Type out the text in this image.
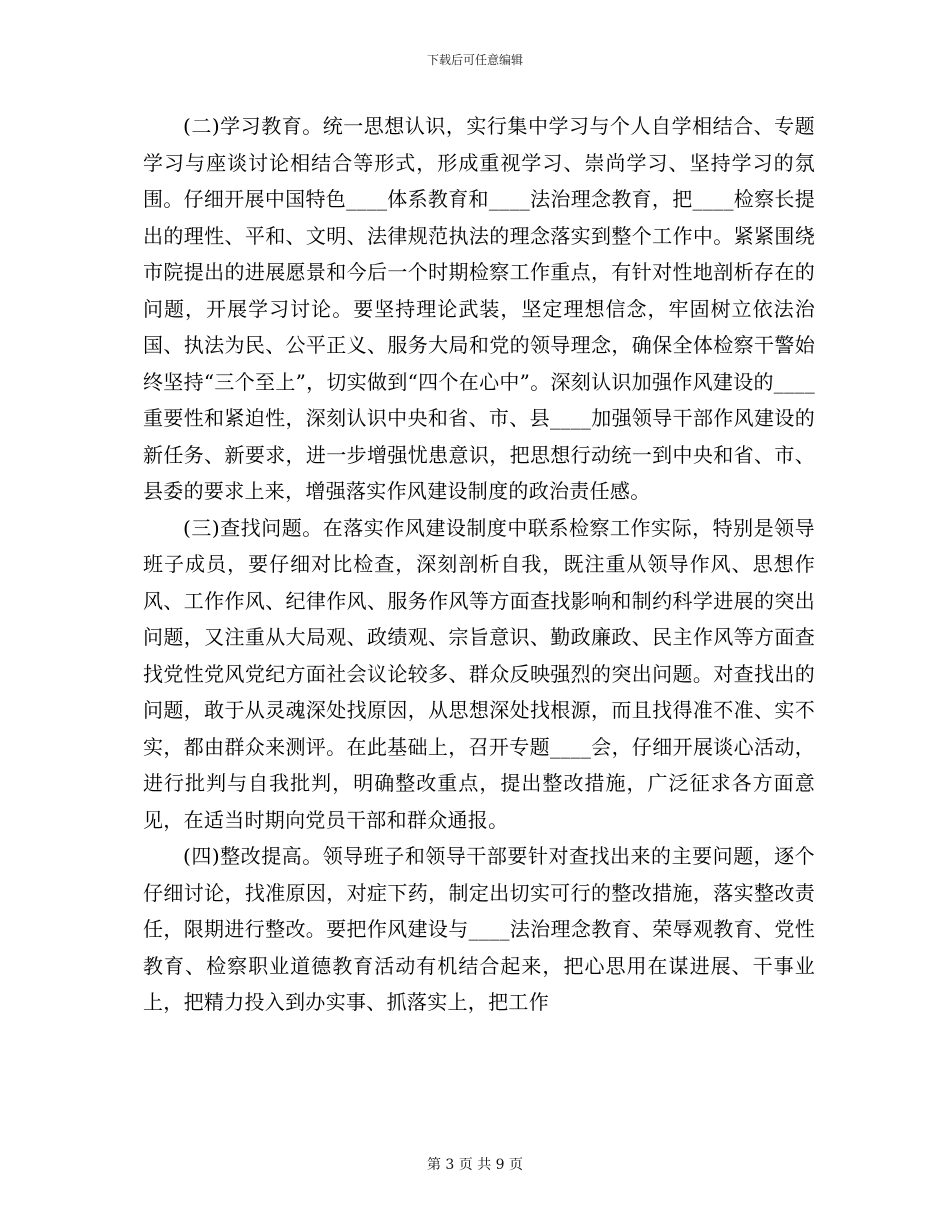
下载后可任意编辑

(二)学习教育。统一思想认识，实行集中学习与个人自学相结合、专题学习与座谈讨论相结合等形式，形成重视学习、崇尚学习、坚持学习的氛围。仔细开展中国特色____体系教育和____法治理念教育，把____检察长提出的理性、平和、文明、法律规范执法的理念落实到整个工作中。紧紧围绕市院提出的进展愿景和今后一个时期检察工作重点，有针对性地剖析存在的问题，开展学习讨论。要坚持理论武装，坚定理想信念，牢固树立依法治国、执法为民、公平正义、服务大局和党的领导理念，确保全体检察干警始终坚持“三个至上”，切实做到“四个在心中”。深刻认识加强作风建设的____重要性和紧迫性，深刻认识中央和省、市、县____加强领导干部作风建设的新任务、新要求，进一步增强忧患意识，把思想行动统一到中央和省、市、县委的要求上来，增强落实作风建设制度的政治责任感。

(三)查找问题。在落实作风建设制度中联系检察工作实际，特别是领导班子成员，要仔细对比检查，深刻剖析自我，既注重从领导作风、思想作风、工作作风、纪律作风、服务作风等方面查找影响和制约科学进展的突出问题，又注重从大局观、政绩观、宗旨意识、勤政廉政、民主作风等方面查找党性党风党纪方面社会议论较多、群众反映强烈的突出问题。对查找出的问题，敢于从灵魂深处找原因，从思想深处找根源，而且找得准不准、实不实，都由群众来测评。在此基础上，召开专题____会，仔细开展谈心活动，进行批判与自我批判，明确整改重点，提出整改措施，广泛征求各方面意见，在适当时期向党员干部和群众通报。

(四)整改提高。领导班子和领导干部要针对查找出来的主要问题，逐个仔细讨论，找准原因，对症下药，制定出切实可行的整改措施，落实整改责任，限期进行整改。要把作风建设与____法治理念教育、荣辱观教育、党性教育、检察职业道德教育活动有机结合起来，把心思用在谋进展、干事业上，把精力投入到办实事、抓落实上，把工作

第 3 页 共 9 页
